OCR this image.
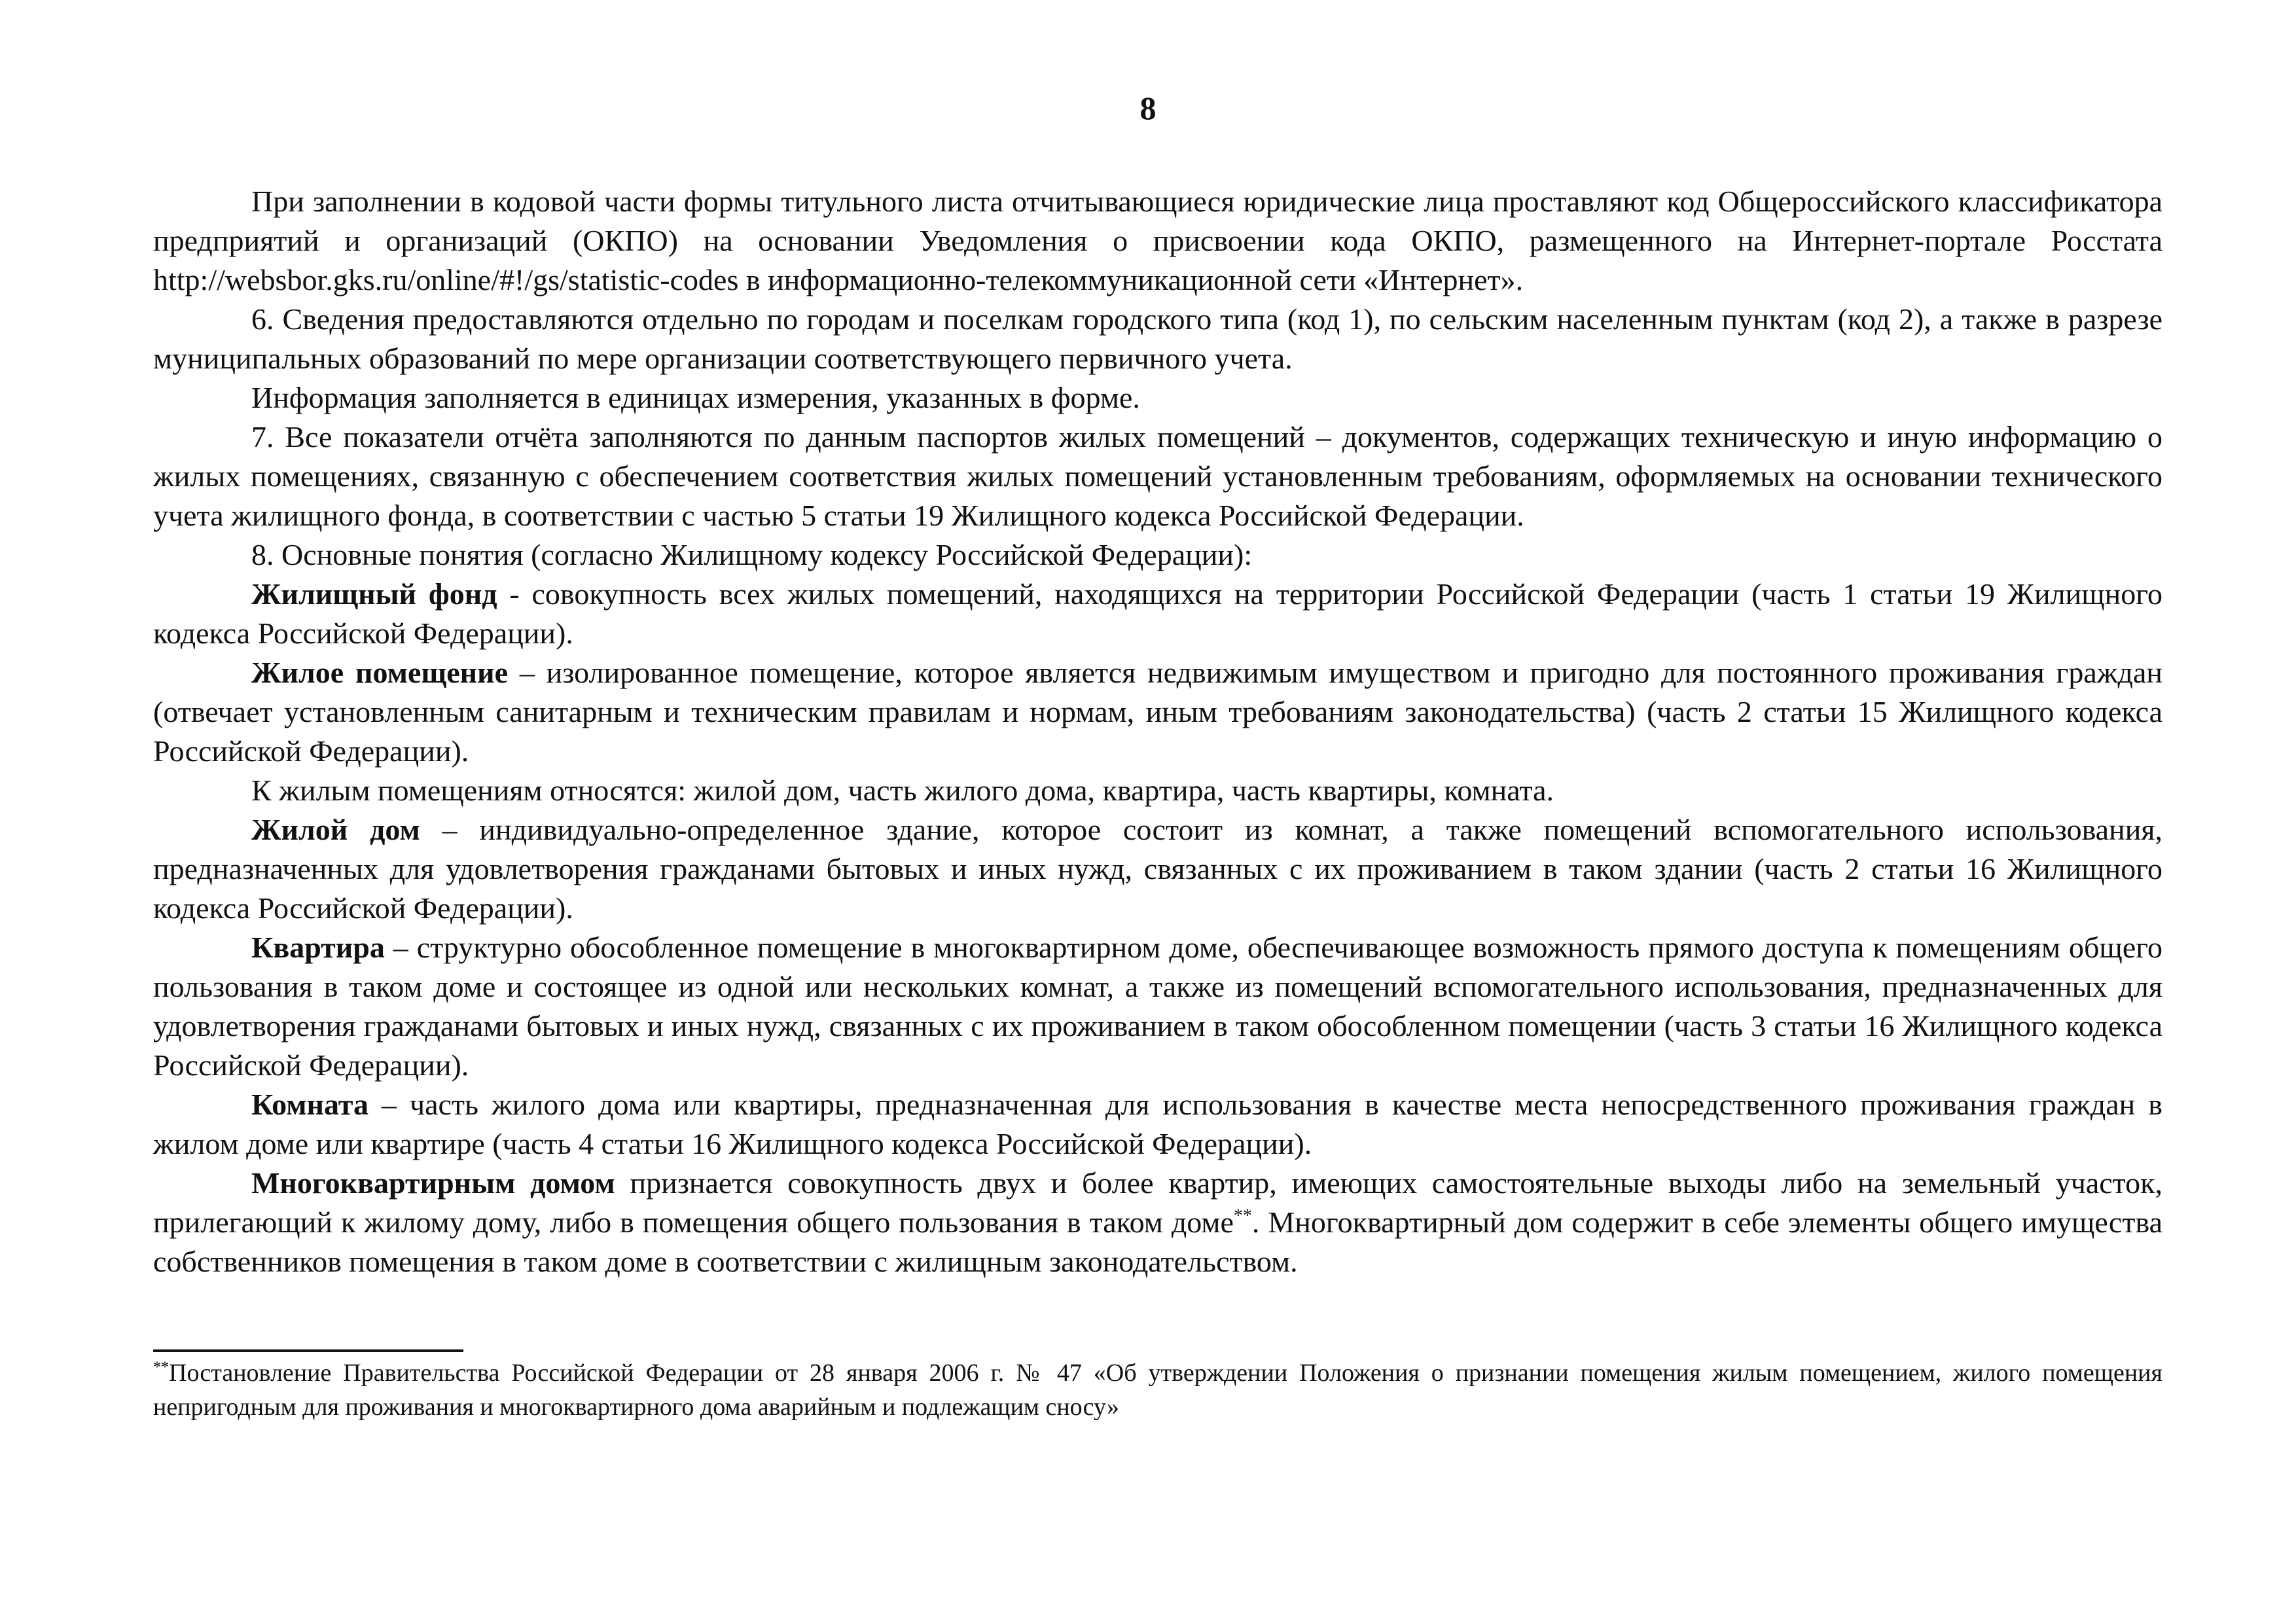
8

При заполнении в кодовой части формы титульного листа отчитывающиеся юридические лица проставляют код Общероссийского классификатора предприятий и организаций (ОКПО) на основании Уведомления о присвоении кода ОКПО, размещенного на Интернет-портале Росстата http://websbor.gks.ru/online/#!/gs/statistic-codes в информационно-телекоммуникационной сети «Интернет».

6. Сведения предоставляются отдельно по городам и поселкам городского типа (код 1), по сельским населенным пунктам (код 2), а также в разрезе муниципальных образований по мере организации соответствующего первичного учета.

Информация заполняется в единицах измерения, указанных в форме.

7. Все показатели отчёта заполняются по данным паспортов жилых помещений – документов, содержащих техническую и иную информацию о жилых помещениях, связанную с обеспечением соответствия жилых помещений установленным требованиям, оформляемых на основании технического учета жилищного фонда, в соответствии с частью 5 статьи 19 Жилищного кодекса Российской Федерации.

8. Основные понятия (согласно Жилищному кодексу Российской Федерации):

Жилищный фонд - совокупность всех жилых помещений, находящихся на территории Российской Федерации (часть 1 статьи 19 Жилищного кодекса Российской Федерации).

Жилое помещение – изолированное помещение, которое является недвижимым имуществом и пригодно для постоянного проживания граждан (отвечает установленным санитарным и техническим правилам и нормам, иным требованиям законодательства) (часть 2 статьи 15 Жилищного кодекса Российской Федерации).

К жилым помещениям относятся: жилой дом, часть жилого дома, квартира, часть квартиры, комната.

Жилой дом – индивидуально-определенное здание, которое состоит из комнат, а также помещений вспомогательного использования, предназначенных для удовлетворения гражданами бытовых и иных нужд, связанных с их проживанием в таком здании (часть 2 статьи 16 Жилищного кодекса Российской Федерации).

Квартира – структурно обособленное помещение в многоквартирном доме, обеспечивающее возможность прямого доступа к помещениям общего пользования в таком доме и состоящее из одной или нескольких комнат, а также из помещений вспомогательного использования, предназначенных для удовлетворения гражданами бытовых и иных нужд, связанных с их проживанием в таком обособленном помещении (часть 3 статьи 16 Жилищного кодекса Российской Федерации).

Комната – часть жилого дома или квартиры, предназначенная для использования в качестве места непосредственного проживания граждан в жилом доме или квартире (часть 4 статьи 16 Жилищного кодекса Российской Федерации).

Многоквартирным домом признается совокупность двух и более квартир, имеющих самостоятельные выходы либо на земельный участок, прилегающий к жилому дому, либо в помещения общего пользования в таком доме**. Многоквартирный дом содержит в себе элементы общего имущества собственников помещения в таком доме в соответствии с жилищным законодательством.

**Постановление Правительства Российской Федерации от 28 января 2006 г. № 47 «Об утверждении Положения о признании помещения жилым помещением, жилого помещения непригодным для проживания и многоквартирного дома аварийным и подлежащим сносу»
